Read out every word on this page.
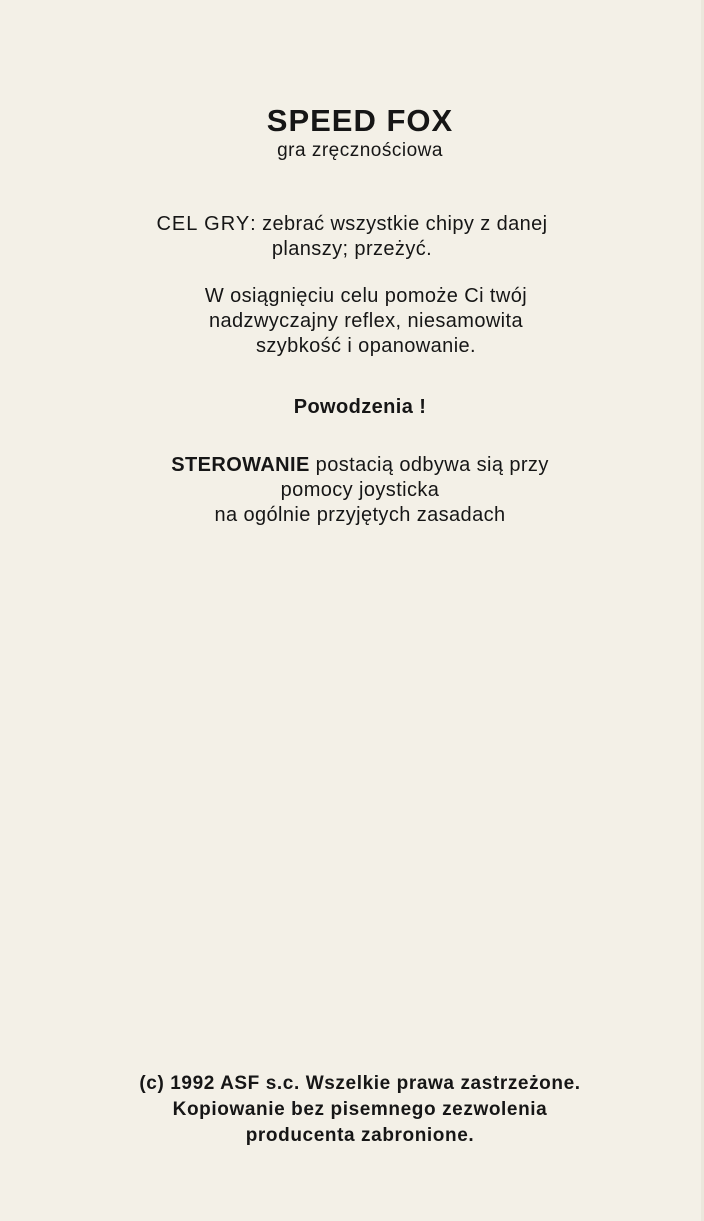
SPEED FOX
gra zręcznościowa
CEL GRY: zebrać wszystkie chipy z danej
planszy; przeżyć.
W osiągnięciu celu pomoże Ci twój
nadzwyczajny reflex, niesamowita
szybkość i opanowanie.
Powodzenia !
STEROWANIE postacią odbywa sią przy
pomocy joysticka
na ogólnie przyjętych zasadach
(c) 1992 ASF s.c. Wszelkie prawa zastrzeżone.
Kopiowanie bez pisemnego zezwolenia
producenta zabronione.
